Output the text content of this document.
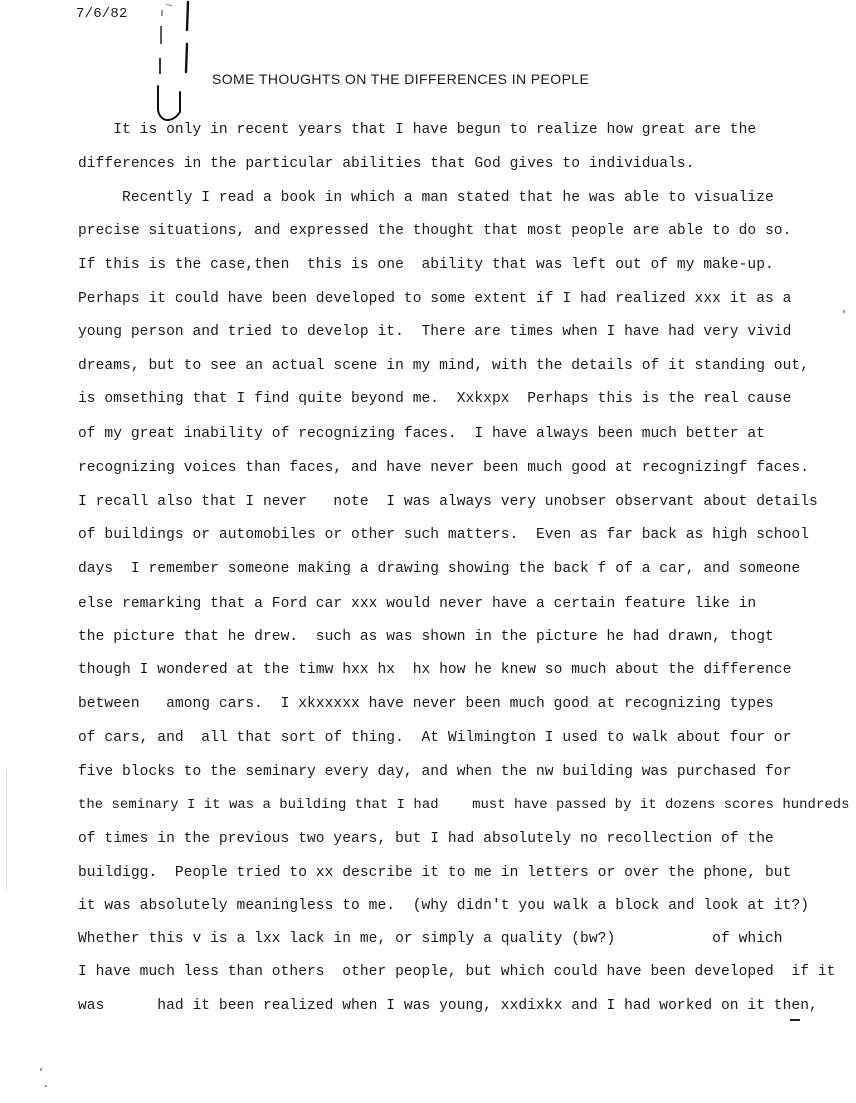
7/6/82
SOME THOUGHTS ON THE DIFFERENCES IN PEOPLE
It is only in recent years that I have begun to realize how great are the
differences in the particular abilities that God gives to individuals.
Recently I read a book in which a man stated that he was able to visualize
precise situations, and expressed the thought that most people are able to do so.
If this is the case,then  this is one  ability that was left out of my make-up.
Perhaps it could have been developed to some extent if I had realized xxx it as a
young person and tried to develop it.  There are times when I have had very vivid
dreams, but to see an actual scene in my mind, with the details of it standing out,
is omsething that I find quite beyond me.  Xxkxpx  Perhaps this is the real cause
of my great inability of recognizing faces.  I have always been much better at
recognizing voices than faces, and have never been much good at recognizingf faces.
I recall also that I never   note  I was always very unobser observant about details
of buildings or automobiles or other such matters.  Even as far back as high school
days  I remember someone making a drawing showing the back f of a car, and someone
else remarking that a Ford car xxx would never have a certain feature like in
the picture that he drew.  such as was shown in the picture he had drawn, thogt
though I wondered at the timw hxx hx  hx how he knew so much about the difference
between   among cars.  I xkxxxxx have never been much good at recognizing types
of cars, and  all that sort of thing.  At Wilmington I used to walk about four or
five blocks to the seminary every day, and when the nw building was purchased for
the seminary I it was a building that I had    must have passed by it dozens scores hundreds
of times in the previous two years, but I had absolutely no recollection of the
buildigg.  People tried to xx describe it to me in letters or over the phone, but
it was absolutely meaningless to me.  (why didn't you walk a block and look at it?)
Whether this v is a lxx lack in me, or simply a quality (bw?)           of which
I have much less than others  other people, but which could have been developed  if it
was      had it been realized when I was young, xxdixkx and I had worked on it then,
